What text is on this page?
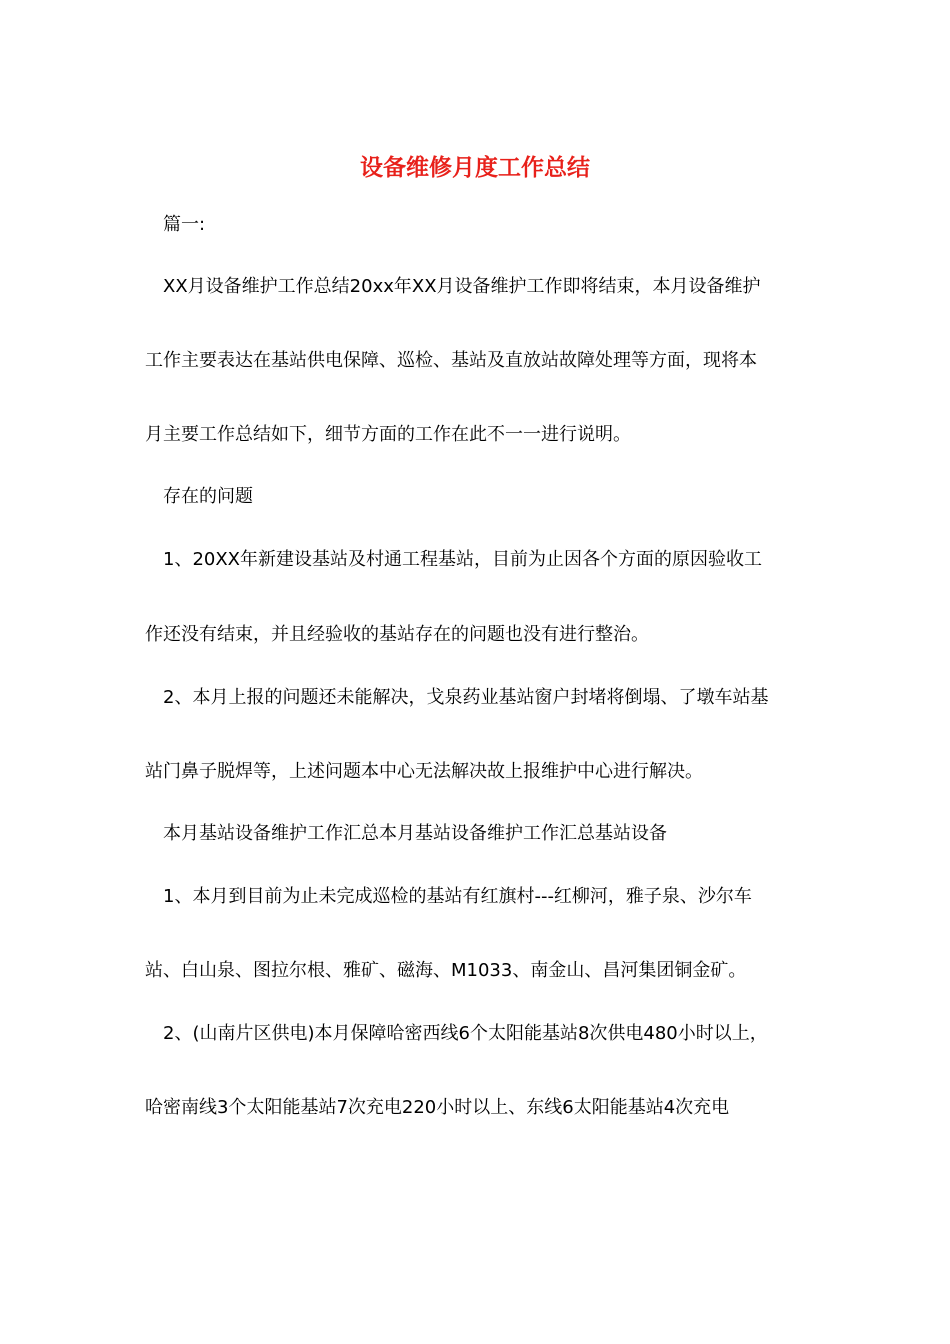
设备维修月度工作总结
篇一:
XX月设备维护工作总结20xx年XX月设备维护工作即将结束，本月设备维护
工作主要表达在基站供电保障、巡检、基站及直放站故障处理等方面，现将本
月主要工作总结如下，细节方面的工作在此不一一进行说明。
存在的问题
1、20XX年新建设基站及村通工程基站，目前为止因各个方面的原因验收工
作还没有结束，并且经验收的基站存在的问题也没有进行整治。
2、本月上报的问题还未能解决，戈泉药业基站窗户封堵将倒塌、了墩车站基
站门鼻子脱焊等，上述问题本中心无法解决故上报维护中心进行解决。
本月基站设备维护工作汇总本月基站设备维护工作汇总基站设备
1、本月到目前为止未完成巡检的基站有红旗村---红柳河，雅子泉、沙尔车
站、白山泉、图拉尔根、雅矿、磁海、M1033、南金山、昌河集团铜金矿。
2、(山南片区供电)本月保障哈密西线6个太阳能基站8次供电480小时以上，
哈密南线3个太阳能基站7次充电220小时以上、东线6太阳能基站4次充电
